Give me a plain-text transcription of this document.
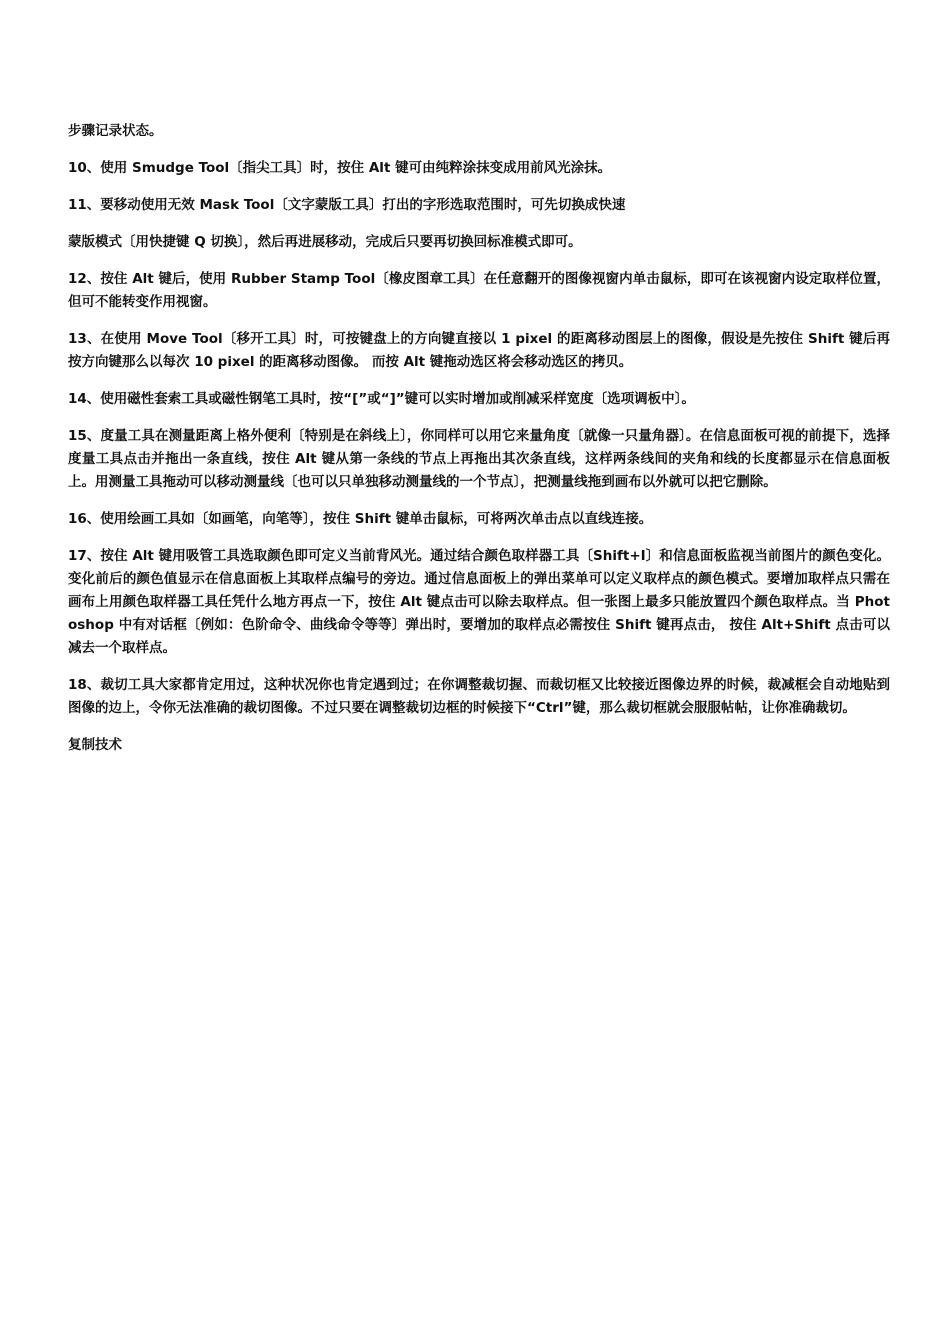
步骤记录状态。

10、使用 Smudge Tool〔指尖工具〕时，按住 Alt 键可由纯粹涂抹变成用前风光涂抹。

11、要移动使用无效 Mask Tool〔文字蒙版工具〕打出的字形选取范围时，可先切换成快速

蒙版模式〔用快捷键 Q 切换〕，然后再进展移动，完成后只要再切换回标准模式即可。

12、按住 Alt 键后，使用 Rubber Stamp Tool〔橡皮图章工具〕在任意翻开的图像视窗内单击鼠标，即可在该视窗内设定取样位置，但可不能转变作用视窗。

13、在使用 Move Tool〔移开工具〕时，可按键盘上的方向键直接以 1 pixel 的距离移动图层上的图像，假设是先按住 Shift 键后再按方向键那么以每次 10 pixel 的距离移动图像。 而按 Alt 键拖动选区将会移动选区的拷贝。

14、使用磁性套索工具或磁性钢笔工具时，按“[”或“]”键可以实时增加或削减采样宽度〔选项调板中〕。

15、度量工具在测量距离上格外便利〔特别是在斜线上〕，你同样可以用它来量角度〔就像一只量角器〕。在信息面板可视的前提下，选择度量工具点击并拖出一条直线，按住 Alt 键从第一条线的节点上再拖出其次条直线，这样两条线间的夹角和线的长度都显示在信息面板上。用测量工具拖动可以移动测量线〔也可以只单独移动测量线的一个节点〕，把测量线拖到画布以外就可以把它删除。

16、使用绘画工具如〔如画笔，向笔等〕，按住 Shift 键单击鼠标，可将两次单击点以直线连接。

17、按住 Alt 键用吸管工具选取颜色即可定义当前背风光。通过结合颜色取样器工具〔Shift+I〕和信息面板监视当前图片的颜色变化。变化前后的颜色值显示在信息面板上其取样点编号的旁边。通过信息面板上的弹出菜单可以定义取样点的颜色模式。要增加取样点只需在画布上用颜色取样器工具任凭什么地方再点一下，按住 Alt 键点击可以除去取样点。但一张图上最多只能放置四个颜色取样点。当 Photoshop 中有对话框〔例如：色阶命令、曲线命令等等〕弹出时，要增加的取样点必需按住 Shift 键再点击， 按住 Alt+Shift 点击可以减去一个取样点。

18、裁切工具大家都肯定用过，这种状况你也肯定遇到过；在你调整裁切握、而裁切框又比较接近图像边界的时候，裁减框会自动地贴到图像的边上，令你无法准确的裁切图像。不过只要在调整裁切边框的时候接下“Ctrl”键，那么裁切框就会服服帖帖，让你准确裁切。

复制技术
